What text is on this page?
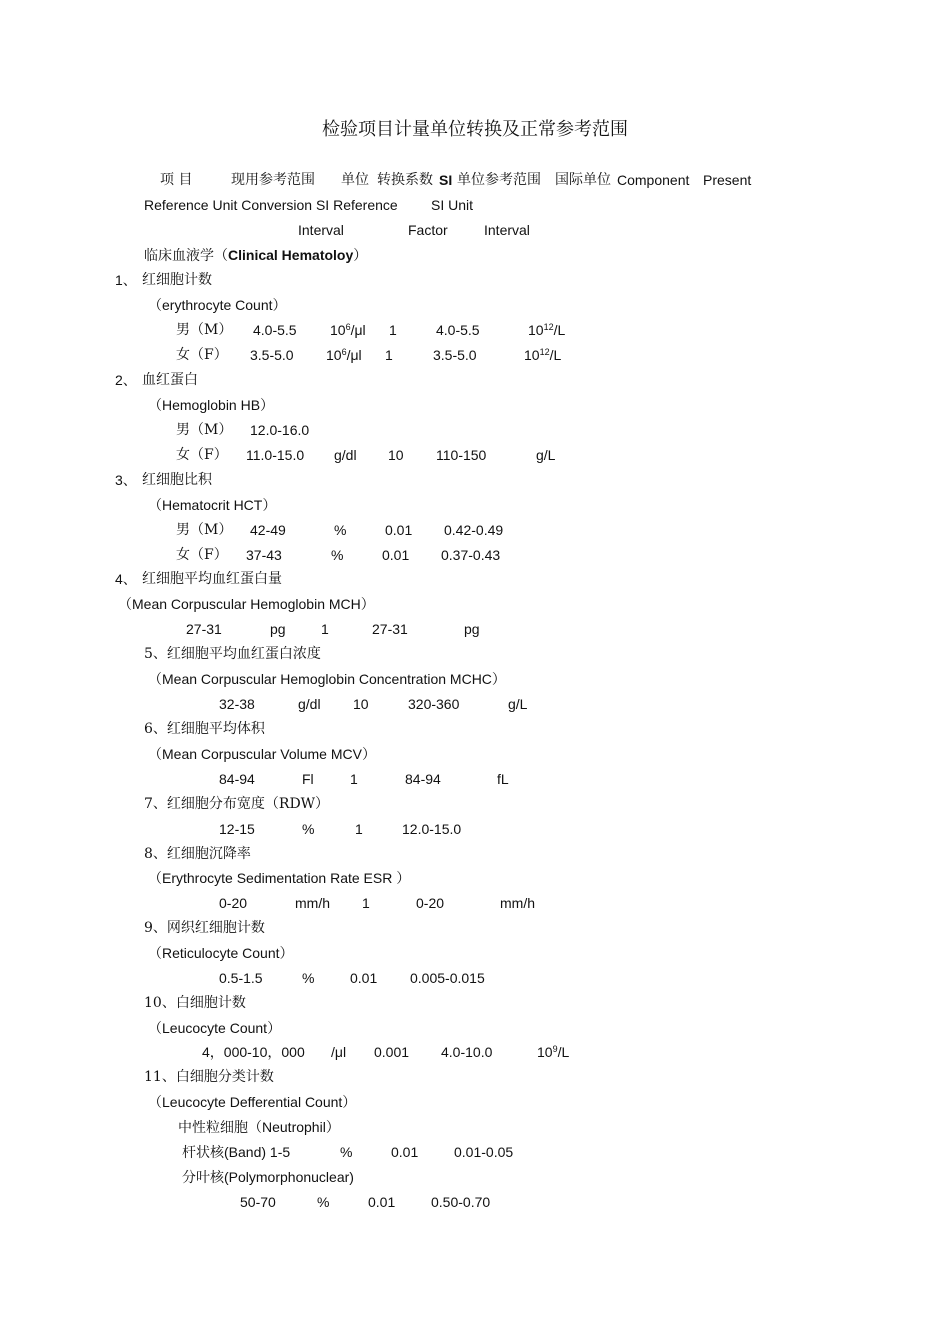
检验项目计量单位转换及正常参考范围
项 目	现用参考范围 单位 转换系数 SI 单位参考范围 国际单位 Component Present
Reference Unit Conversion SI Reference SI Unit
Interval	Factor	Interval
临床血液学（Clinical Hematoloy）
1、 红细胞计数
（erythrocyte Count）
男（M） 4.0-5.5 $10^6/\mu l$ 1	4.0-5.5	$10^{12}/L$
女（F） 3.5-5.0 $10^6/\mu l$ 1	3.5-5.0	$10^{12}/L$
2、 血红蛋白
（Hemoglobin HB）
男（M） 12.0-16.0
女（F） 11.0-15.0 g/dl 10 110-150	g/L
3、 红细胞比积
（Hematocrit HCT）
男（M） 42-49	%	0.01 0.42-0.49
女（F） 37-43	%	0.01 0.37-0.43
4、 红细胞平均血红蛋白量
（Mean Corpuscular Hemoglobin MCH）
27-31	pg	1	27-31	pg
5、红细胞平均血红蛋白浓度
（Mean Corpuscular Hemoglobin Concentration MCHC）
32-38	g/dl 10	320-360	g/L
6、红细胞平均体积
（Mean Corpuscular Volume MCV）
84-94	Fl	1	84-94	fL
7、红细胞分布宽度（RDW）
12-15	%	1	12.0-15.0
8、红细胞沉降率
（Erythrocyte Sedimentation Rate ESR ）
0-20	mm/h 1	0-20	mm/h
9、网织红细胞计数
（Reticulocyte Count）
0.5-1.5	%	0.01 0.005-0.015
10、白细胞计数
（Leucocyte Count）
4，000-10，000 /μl 0.001 4.0-10.0	$10^9/L$
11、白细胞分类计数
（Leucocyte Defferential Count）
中性粒细胞（Neutrophil）
杆状核(Band) 1-5	%	0.01	0.01-0.05
分叶核(Polymorphonuclear)
50-70	%	0.01	0.50-0.70
